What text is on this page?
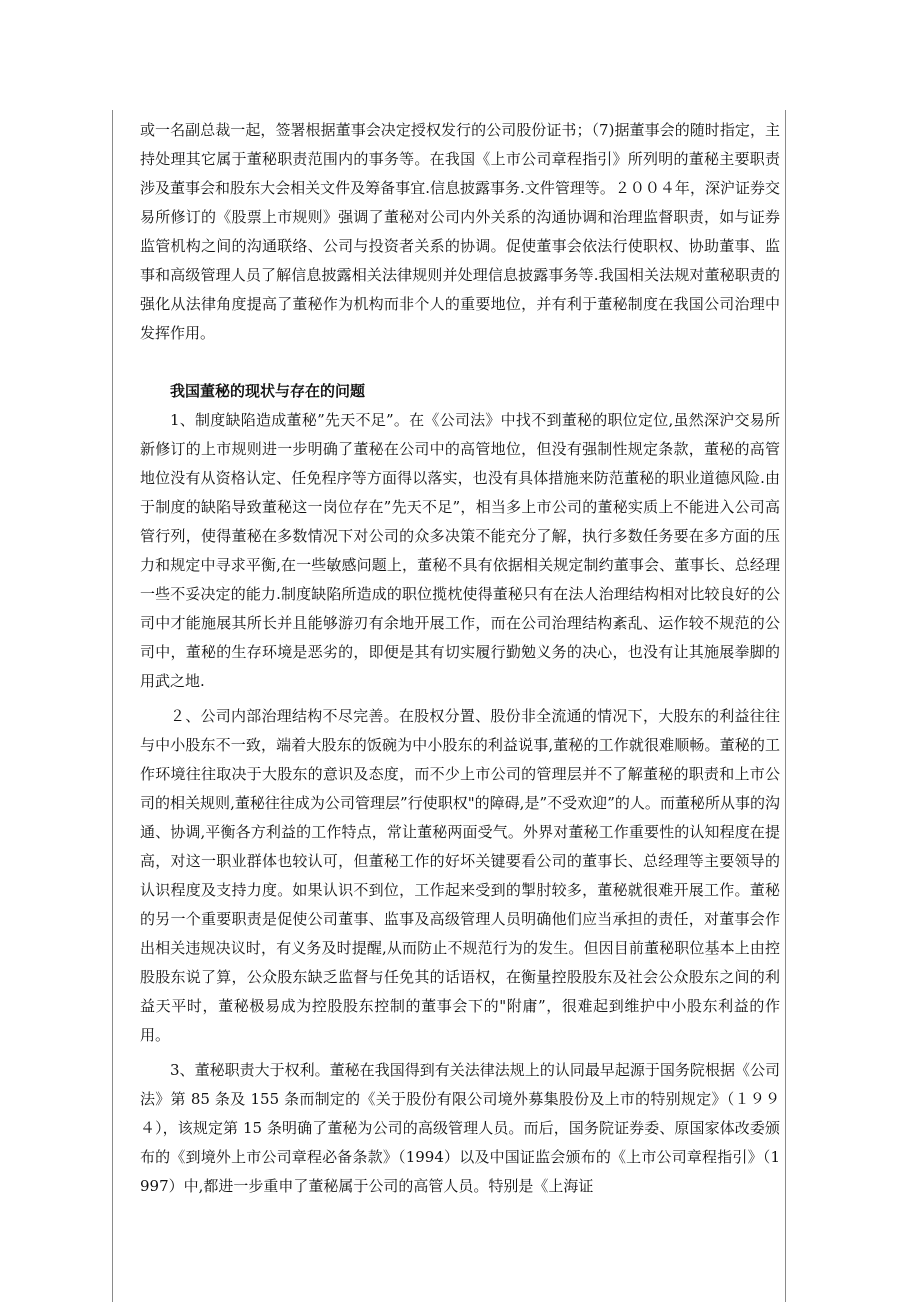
或一名副总裁一起，签署根据董事会决定授权发行的公司股份证书；（7)据董事会的随时指定，主持处理其它属于董秘职责范围内的事务等。在我国《上市公司章程指引》所列明的董秘主要职责涉及董事会和股东大会相关文件及筹备事宜.信息披露事务.文件管理等。２００４年，深沪证券交易所修订的《股票上市规则》强调了董秘对公司内外关系的沟通协调和治理监督职责，如与证券监管机构之间的沟通联络、公司与投资者关系的协调。促使董事会依法行使职权、协助董事、监事和高级管理人员了解信息披露相关法律规则并处理信息披露事务等.我国相关法规对董秘职责的强化从法律角度提高了董秘作为机构而非个人的重要地位，并有利于董秘制度在我国公司治理中发挥作用。

我国董秘的现状与存在的问题

1、制度缺陷造成董秘”先天不足”。在《公司法》中找不到董秘的职位定位,虽然深沪交易所新修订的上市规则进一步明确了董秘在公司中的高管地位，但没有强制性规定条款，董秘的高管地位没有从资格认定、任免程序等方面得以落实，也没有具体措施来防范董秘的职业道德风险.由于制度的缺陷导致董秘这一岗位存在”先天不足”，相当多上市公司的董秘实质上不能进入公司高管行列，使得董秘在多数情况下对公司的众多决策不能充分了解，执行多数任务要在多方面的压力和规定中寻求平衡,在一些敏感问题上，董秘不具有依据相关规定制约董事会、董事长、总经理一些不妥决定的能力.制度缺陷所造成的职位揽枕使得董秘只有在法人治理结构相对比较良好的公司中才能施展其所长并且能够游刃有余地开展工作，而在公司治理结构紊乱、运作较不规范的公司中，董秘的生存环境是恶劣的，即便是其有切实履行勤勉义务的决心，也没有让其施展拳脚的用武之地.

２、公司内部治理结构不尽完善。在股权分置、股份非全流通的情况下，大股东的利益往往与中小股东不一致，端着大股东的饭碗为中小股东的利益说事,董秘的工作就很难顺畅。董秘的工作环境往往取决于大股东的意识及态度，而不少上市公司的管理层并不了解董秘的职责和上市公司的相关规则,董秘往往成为公司管理层”行使职权"的障碍,是”不受欢迎”的人。而董秘所从事的沟通、协调,平衡各方利益的工作特点，常让董秘两面受气。外界对董秘工作重要性的认知程度在提高，对这一职业群体也较认可，但董秘工作的好坏关键要看公司的董事长、总经理等主要领导的认识程度及支持力度。如果认识不到位，工作起来受到的掣肘较多，董秘就很难开展工作。董秘的另一个重要职责是促使公司董事、监事及高级管理人员明确他们应当承担的责任，对董事会作出相关违规决议时，有义务及时提醒,从而防止不规范行为的发生。但因目前董秘职位基本上由控股股东说了算，公众股东缺乏监督与任免其的话语权，在衡量控股股东及社会公众股东之间的利益天平时，董秘极易成为控股股东控制的董事会下的"附庸”，很难起到维护中小股东利益的作用。

3、董秘职责大于权利。董秘在我国得到有关法律法规上的认同最早起源于国务院根据《公司法》第 85 条及 155 条而制定的《关于股份有限公司境外募集股份及上市的特别规定》（１９９４），该规定第 15 条明确了董秘为公司的高级管理人员。而后，国务院证券委、原国家体改委颁布的《到境外上市公司章程必备条款》（1994）以及中国证监会颁布的《上市公司章程指引》（1997）中,都进一步重申了董秘属于公司的高管人员。特别是《上海证
